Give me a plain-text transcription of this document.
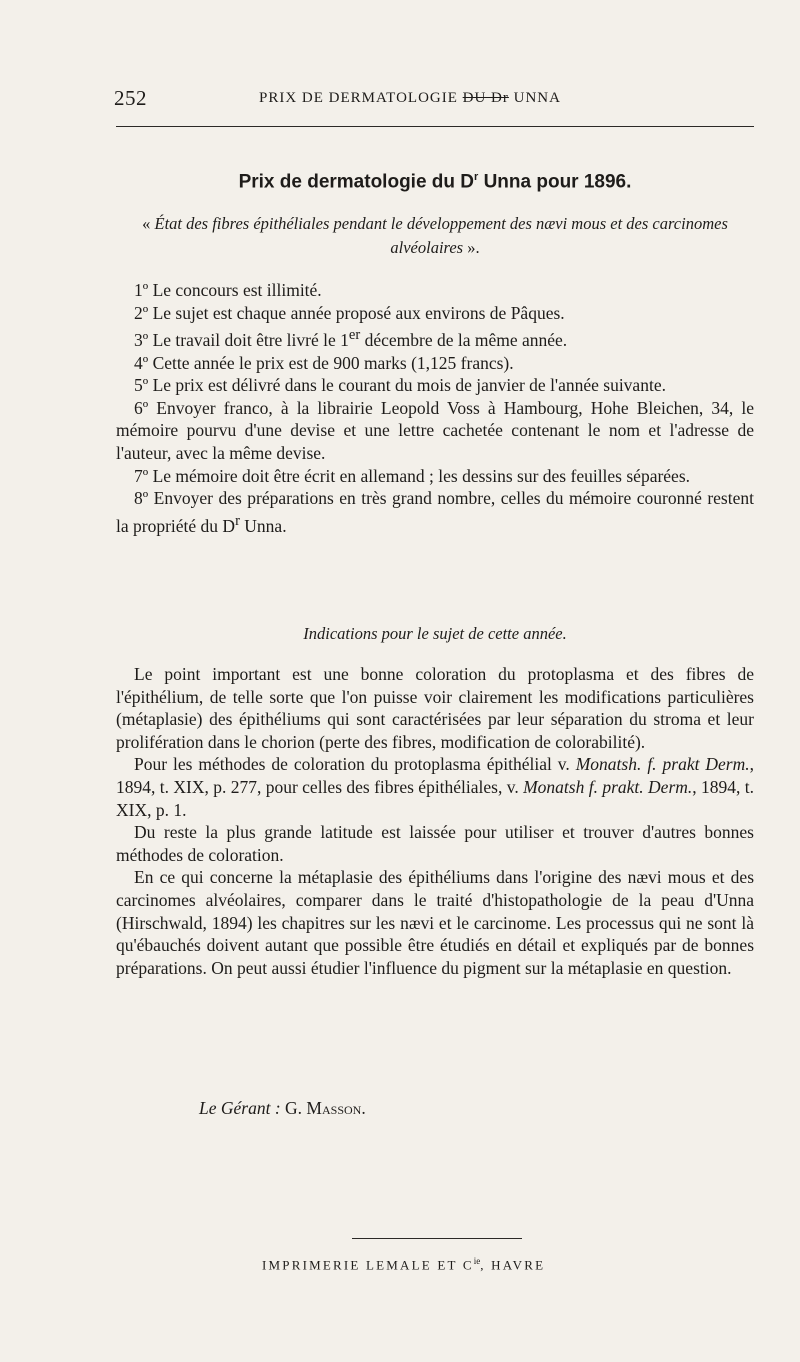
252	PRIX DE DERMATOLOGIE DU Dr UNNA
Prix de dermatologie du $D^r$ Unna pour 1896.
« État des fibres épithéliales pendant le développement des nævi mous et des carcinomes alvéolaires ».

1º Le concours est illimité.

2º Le sujet est chaque année proposé aux environs de Pâques.

3º Le travail doit être livré le 1er décembre de la même année.

4º Cette année le prix est de 900 marks (1,125 francs).

5º Le prix est délivré dans le courant du mois de janvier de l'année suivante.

6º Envoyer franco, à la librairie Leopold Voss à Hambourg, Hohe Bleichen, 34, le mémoire pourvu d'une devise et une lettre cachetée contenant le nom et l'adresse de l'auteur, avec la même devise.

7º Le mémoire doit être écrit en allemand ; les dessins sur des feuilles séparées.

8º Envoyer des préparations en très grand nombre, celles du mémoire couronné restent la propriété du $D^r$ Unna.

Indications pour le sujet de cette année.

Le point important est une bonne coloration du protoplasma et des fibres de l'épithélium, de telle sorte que l'on puisse voir clairement les modifications particulières (métaplasie) des épithéliums qui sont caractérisées par leur séparation du stroma et leur prolifération dans le chorion (perte des fibres, modification de colorabilité).

Pour les méthodes de coloration du protoplasma épithélial v. Monatsh. f. prakt Derm., 1894, t. XIX, p. 277, pour celles des fibres épithéliales, v. Monatsh f. prakt. Derm., 1894, t. XIX, p. 1.

Du reste la plus grande latitude est laissée pour utiliser et trouver d'autres bonnes méthodes de coloration.

En ce qui concerne la métaplasie des épithéliums dans l'origine des nævi mous et des carcinomes alvéolaires, comparer dans le traité d'histopathologie de la peau d'Unna (Hirschwald, 1894) les chapitres sur les nævi et le carcinome. Les processus qui ne sont là qu'ébauchés doivent autant que possible être étudiés en détail et expliqués par de bonnes préparations. On peut aussi étudier l'influence du pigment sur la métaplasie en question.

Le Gérant : G. Masson.
IMPRIMERIE LEMALE ET $C^{ie}$, HAVRE
